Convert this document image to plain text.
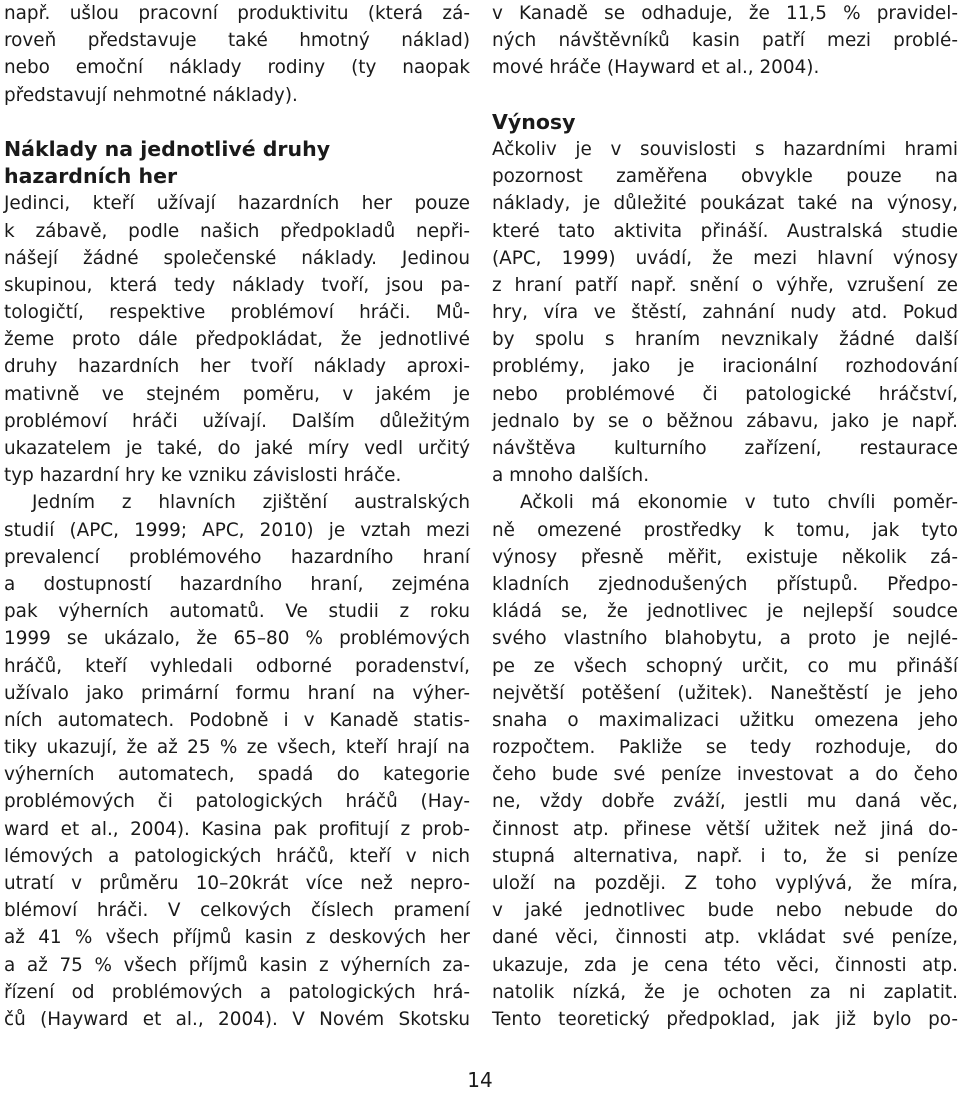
např. ušlou pracovní produktivitu (která zá-
roveň představuje také hmotný náklad)
nebo emoční náklady rodiny (ty naopak
představují nehmotné náklady).
Náklady na jednotlivé druhy
hazardních her
Jedinci, kteří užívají hazardních her pouze
k zábavě, podle našich předpokladů nepři-
nášejí žádné společenské náklady. Jedinou
skupinou, která tedy náklady tvoří, jsou pa-
tologičtí, respektive problémoví hráči. Mů-
žeme proto dále předpokládat, že jednotlivé
druhy hazardních her tvoří náklady aproxi-
mativně ve stejném poměru, v jakém je
problémoví hráči užívají. Dalším důležitým
ukazatelem je také, do jaké míry vedl určitý
typ hazardní hry ke vzniku závislosti hráče.
Jedním z hlavních zjištění australských
studií (APC, 1999; APC, 2010) je vztah mezi
prevalencí problémového hazardního hraní
a dostupností hazardního hraní, zejména
pak výherních automatů. Ve studii z roku
1999 se ukázalo, že 65–80 % problémových
hráčů, kteří vyhledali odborné poradenství,
užívalo jako primární formu hraní na výher-
ních automatech. Podobně i v Kanadě statis-
tiky ukazují, že až 25 % ze všech, kteří hrají na
výherních automatech, spadá do kategorie
problémových či patologických hráčů (Hay-
ward et al., 2004). Kasina pak profitují z prob-
lémových a patologických hráčů, kteří v nich
utratí v průměru 10–20krát více než nepro-
blémoví hráči. V celkových číslech pramení
až 41 % všech příjmů kasin z deskových her
a až 75 % všech příjmů kasin z výherních za-
řízení od problémových a patologických hrá-
čů (Hayward et al., 2004). V Novém Skotsku
v Kanadě se odhaduje, že 11,5 % pravidel-
ných návštěvníků kasin patří mezi problé-
mové hráče (Hayward et al., 2004).
Výnosy
Ačkoliv je v souvislosti s hazardními hrami
pozornost zaměřena obvykle pouze na
náklady, je důležité poukázat také na výnosy,
které tato aktivita přináší. Australská studie
(APC, 1999) uvádí, že mezi hlavní výnosy
z hraní patří např. snění o výhře, vzrušení ze
hry, víra ve štěstí, zahnání nudy atd. Pokud
by spolu s hraním nevznikaly žádné další
problémy, jako je iracionální rozhodování
nebo problémové či patologické hráčství,
jednalo by se o běžnou zábavu, jako je např.
návštěva kulturního zařízení, restaurace
a mnoho dalších.
Ačkoli má ekonomie v tuto chvíli poměr-
ně omezené prostředky k tomu, jak tyto
výnosy přesně měřit, existuje několik zá-
kladních zjednodušených přístupů. Předpo-
kládá se, že jednotlivec je nejlepší soudce
svého vlastního blahobytu, a proto je nejlé-
pe ze všech schopný určit, co mu přináší
největší potěšení (užitek). Naneštěstí je jeho
snaha o maximalizaci užitku omezena jeho
rozpočtem. Pakliže se tedy rozhoduje, do
čeho bude své peníze investovat a do čeho
ne, vždy dobře zváží, jestli mu daná věc,
činnost atp. přinese větší užitek než jiná do-
stupná alternativa, např. i to, že si peníze
uloží na později. Z toho vyplývá, že míra,
v jaké jednotlivec bude nebo nebude do
dané věci, činnosti atp. vkládat své peníze,
ukazuje, zda je cena této věci, činnosti atp.
natolik nízká, že je ochoten za ni zaplatit.
Tento teoretický předpoklad, jak již bylo po-
14
